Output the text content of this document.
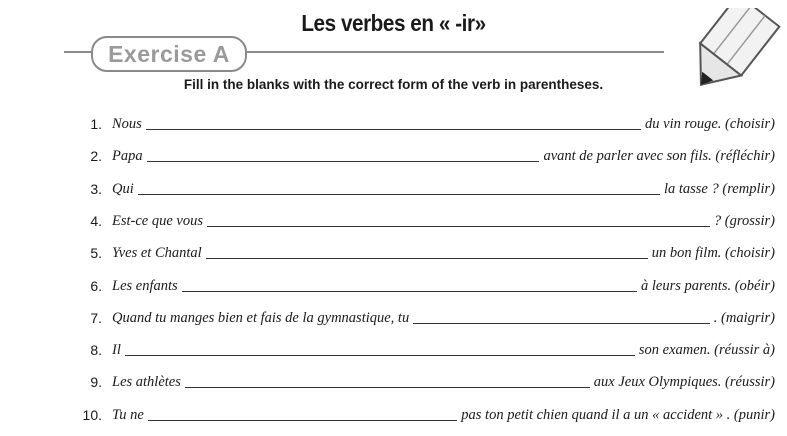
Les verbes en « -ir»
Exercise A
Fill in the blanks with the correct form of the verb in parentheses.
1. Nous	du vin rouge. (choisir)
2. Papa	avant de parler avec son fils. (réfléchir)
3. Qui	la tasse ? (remplir)
4. Est-ce que vous	? (grossir)
5. Yves et Chantal	un bon film. (choisir)
6. Les enfants	à leurs parents. (obéir)
7. Quand tu manges bien et fais de la gymnastique, tu	. (maigrir)
8. Il	son examen. (réussir à)
9. Les athlètes	aux Jeux Olympiques. (réussir)
10. Tu ne	pas ton petit chien quand il a un « accident » . (punir)
